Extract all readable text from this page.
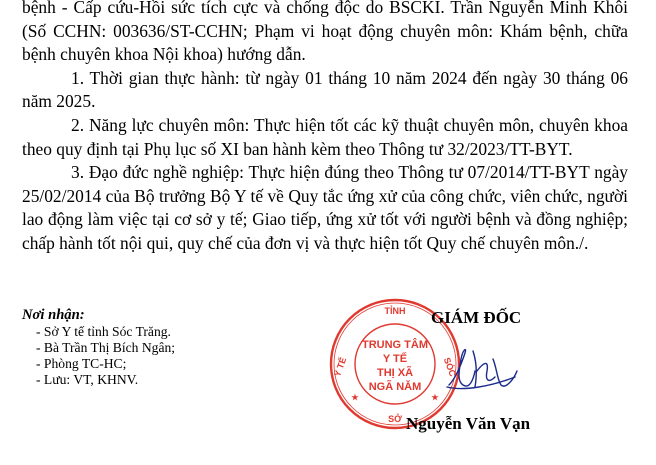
bệnh - Cấp cứu-Hồi sức tích cực và chống độc do BSCKI. Trần Nguyễn Minh Khôi (Số CCHN: 003636/ST-CCHN; Phạm vi hoạt động chuyên môn: Khám bệnh, chữa bệnh chuyên khoa Nội khoa) hướng dẫn.

1. Thời gian thực hành: từ ngày 01 tháng 10 năm 2024 đến ngày 30 tháng 06 năm 2025.

2. Năng lực chuyên môn: Thực hiện tốt các kỹ thuật chuyên môn, chuyên khoa theo quy định tại Phụ lục số XI ban hành kèm theo Thông tư 32/2023/TT-BYT.

3. Đạo đức nghề nghiệp: Thực hiện đúng theo Thông tư 07/2014/TT-BYT ngày 25/02/2014 của Bộ trưởng Bộ Y tế về Quy tắc ứng xử của công chức, viên chức, người lao động làm việc tại cơ sở y tế; Giao tiếp, ứng xử tốt với người bệnh và đồng nghiệp; chấp hành tốt nội qui, quy chế của đơn vị và thực hiện tốt Quy chế chuyên môn./.

Nơi nhận:
- Sở Y tế tỉnh Sóc Trăng.
- Bà Trần Thị Bích Ngân;
- Phòng TC-HC;
- Lưu: VT, KHNV.
TỈNH
Y TẾ	SÓC
SỞ
TRUNG TÂM
Y TẾ
THỊ XÃ
NGÃ NĂM
★	★
GIÁM ĐỐC
Nguyễn Văn Vạn
